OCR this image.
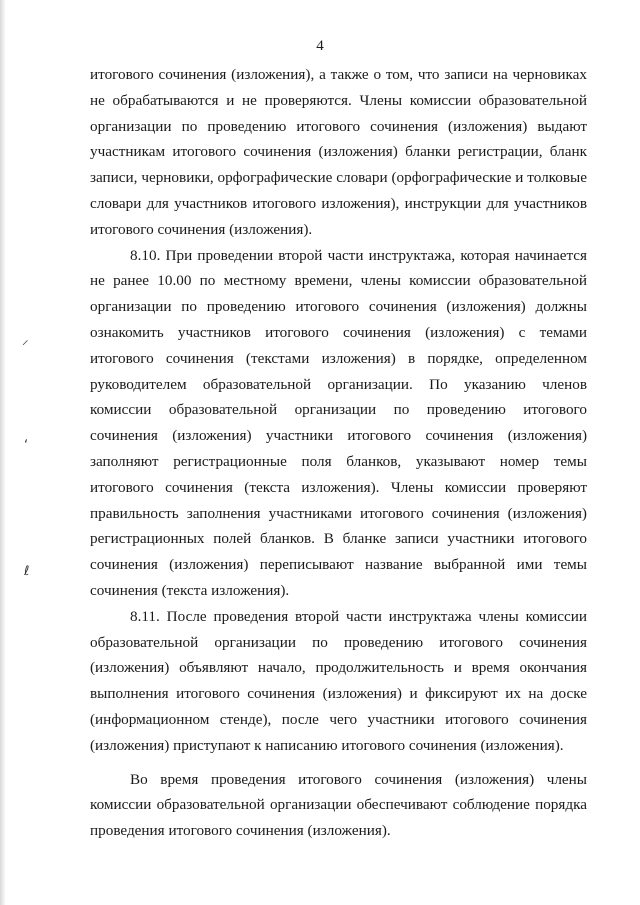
4
⸝
ʻ
ℓ

итогового сочинения (изложения), а также о том, что записи на черновиках не обрабатываются и не проверяются. Члены комиссии образовательной организации по проведению итогового сочинения (изложения) выдают участникам итогового сочинения (изложения) бланки регистрации, бланк записи, черновики, орфографические словари (орфографические и толковые словари для участников итогового изложения), инструкции для участников итогового сочинения (изложения).

8.10. При проведении второй части инструктажа, которая начинается не ранее 10.00 по местному времени, члены комиссии образовательной организации по проведению итогового сочинения (изложения) должны ознакомить участников итогового сочинения (изложения) с темами итогового сочинения (текстами изложения) в порядке, определенном руководителем образовательной организации. По указанию членов комиссии образовательной организации по проведению итогового сочинения (изложения) участники итогового сочинения (изложения) заполняют регистрационные поля бланков, указывают номер темы итогового сочинения (текста изложения). Члены комиссии проверяют правильность заполнения участниками итогового сочинения (изложения) регистрационных полей бланков. В бланке записи участники итогового сочинения (изложения) переписывают название выбранной ими темы сочинения (текста изложения).

8.11. После проведения второй части инструктажа члены комиссии образовательной организации по проведению итогового сочинения (изложения) объявляют начало, продолжительность и время окончания выполнения итогового сочинения (изложения) и фиксируют их на доске (информационном стенде), после чего участники итогового сочинения (изложения) приступают к написанию итогового сочинения (изложения).

Во время проведения итогового сочинения (изложения) члены комиссии образовательной организации обеспечивают соблюдение порядка проведения итогового сочинения (изложения).
